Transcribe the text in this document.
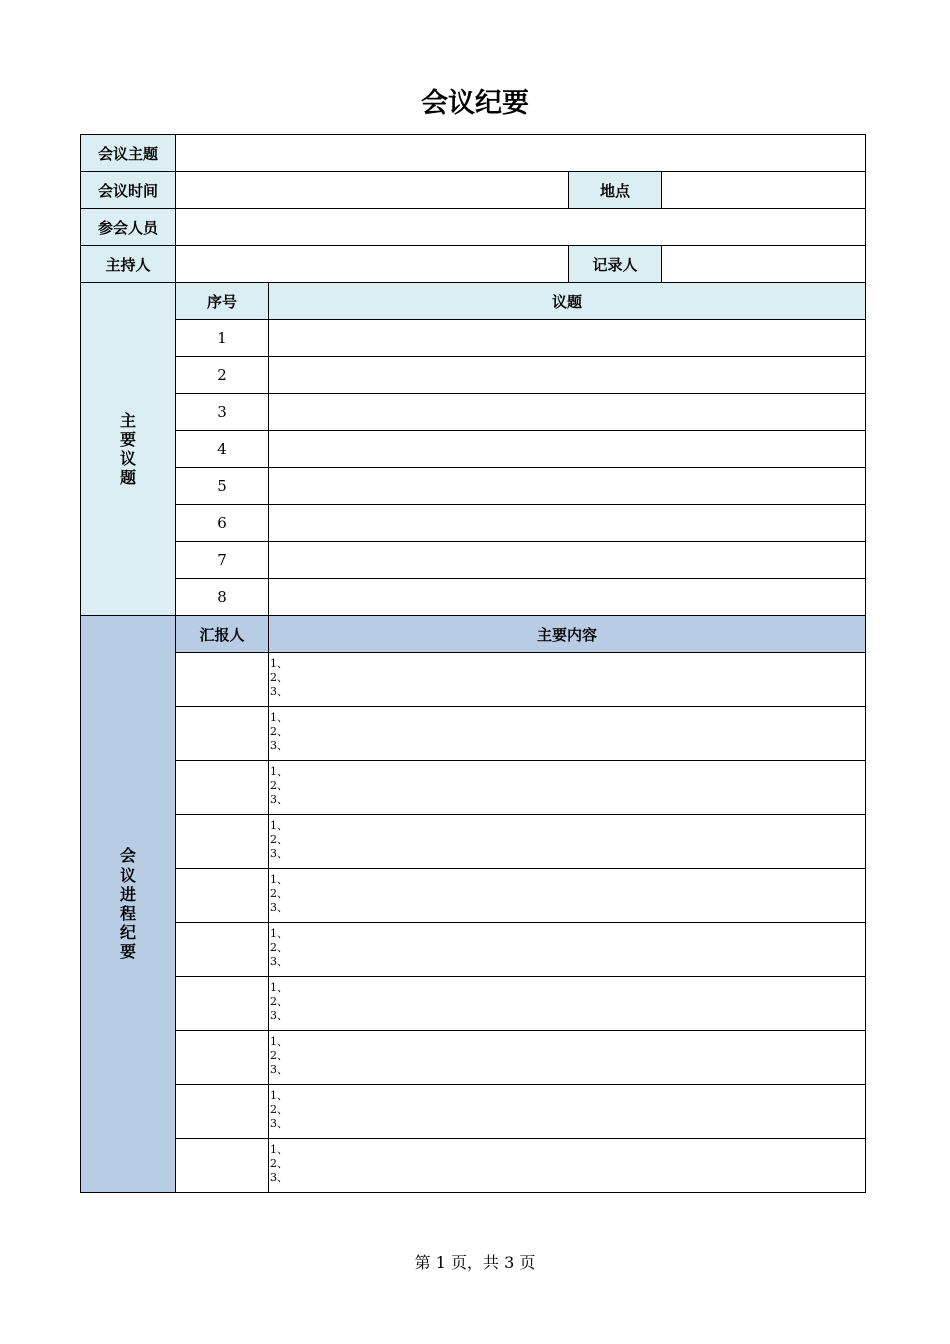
会议纪要
会议主题				
会议时间			地点	
参会人员				
主持人			记录人	
主要议题	序号	议题		
	1			
	2			
	3			
	4			
	5			
	6			
	7			
	8			
会议进程纪要	汇报人	主要内容		

		1、
2、
3、		

		1、
2、
3、		

		1、
2、
3、		

		1、
2、
3、		

		1、
2、
3、		

		1、
2、
3、		

		1、
2、
3、		

		1、
2、
3、		

		1、
2、
3、		

		1、
2、
3、		
第 1 页，共 3 页
